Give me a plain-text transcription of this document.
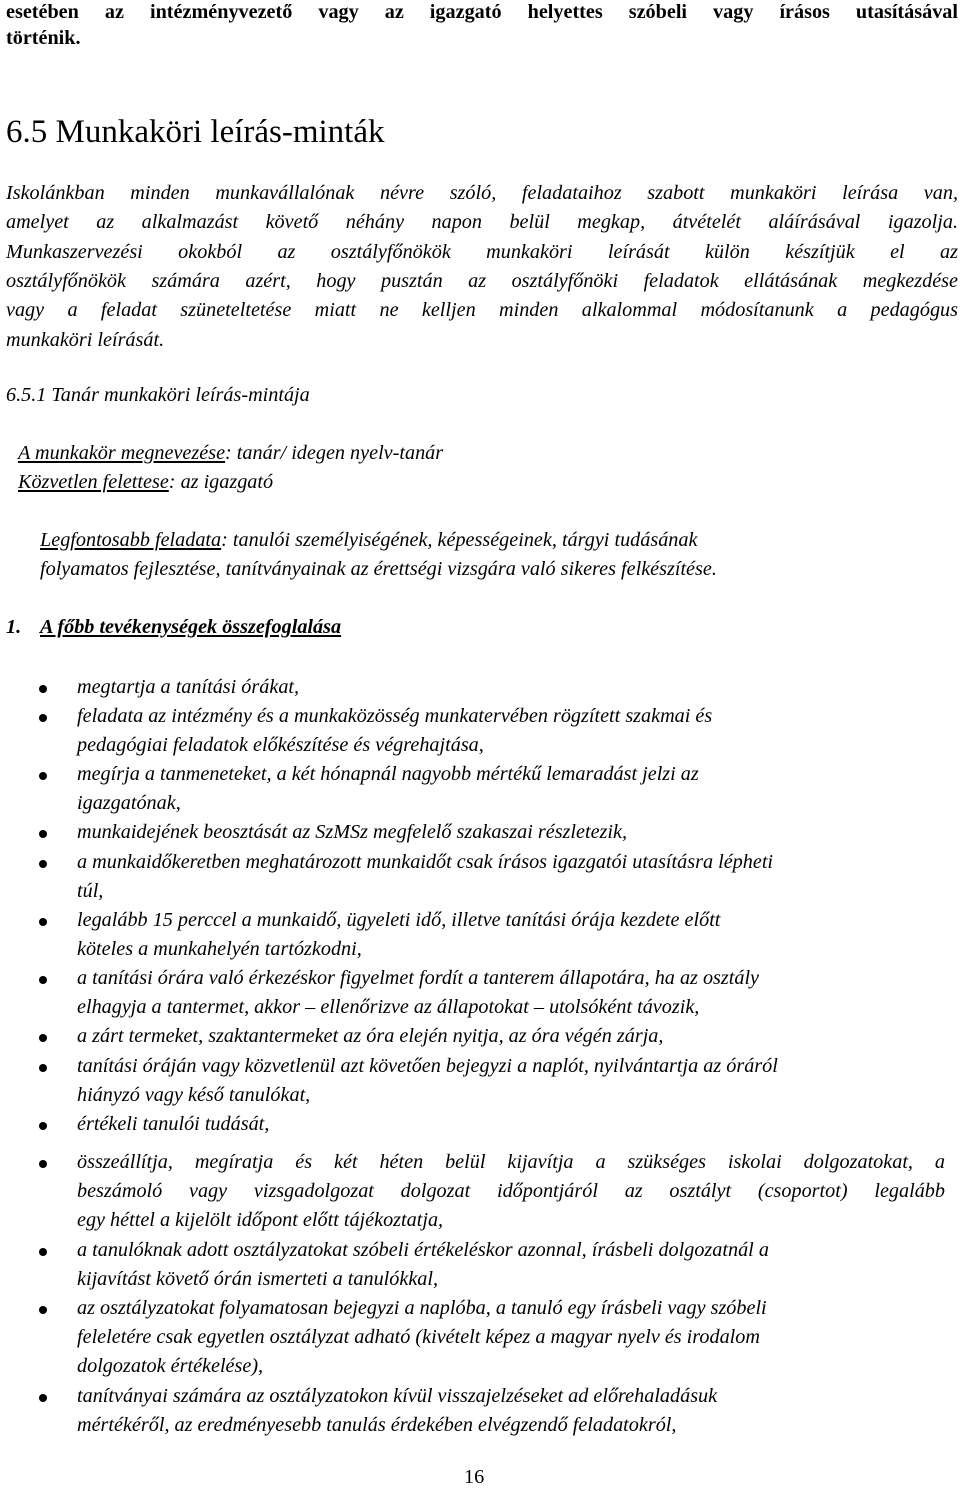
esetében az intézményvezető vagy az igazgató helyettes szóbeli vagy írásos utasításával
történik.
6.5 Munkaköri leírás-minták
Iskolánkban minden munkavállalónak névre szóló, feladataihoz szabott munkaköri leírása van,
amelyet az alkalmazást követő néhány napon belül megkap, átvételét aláírásával igazolja.
Munkaszervezési okokból az osztályfőnökök munkaköri leírását külön készítjük el az
osztályfőnökök számára azért, hogy pusztán az osztályfőnöki feladatok ellátásának megkezdése
vagy a feladat szüneteltetése miatt ne kelljen minden alkalommal módosítanunk a pedagógus
munkaköri leírását.
6.5.1 Tanár munkaköri leírás-mintája
A munkakör megnevezése: tanár/ idegen nyelv-tanár
Közvetlen felettese: az igazgató
Legfontosabb feladata: tanulói személyiségének, képességeinek, tárgyi tudásának
folyamatos fejlesztése, tanítványainak az érettségi vizsgára való sikeres felkészítése.
1. A főbb tevékenységek összefoglalása
megtartja a tanítási órákat,
feladata az intézmény és a munkaközösség munkatervében rögzített szakmai és
pedagógiai feladatok előkészítése és végrehajtása,
megírja a tanmeneteket, a két hónapnál nagyobb mértékű lemaradást jelzi az
igazgatónak,
munkaidejének beosztását az SzMSz megfelelő szakaszai részletezik,
a munkaidőkeretben meghatározott munkaidőt csak írásos igazgatói utasításra lépheti
túl,
legalább 15 perccel a munkaidő, ügyeleti idő, illetve tanítási órája kezdete előtt
köteles a munkahelyén tartózkodni,
a tanítási órára való érkezéskor figyelmet fordít a tanterem állapotára, ha az osztály
elhagyja a tantermet, akkor – ellenőrizve az állapotokat – utolsóként távozik,
a zárt termeket, szaktantermeket az óra elején nyitja, az óra végén zárja,
tanítási óráján vagy közvetlenül azt követően bejegyzi a naplót, nyilvántartja az óráról
hiányzó vagy késő tanulókat,
értékeli tanulói tudását,
összeállítja, megíratja és két héten belül kijavítja a szükséges iskolai dolgozatokat, a
beszámoló vagy vizsgadolgozat dolgozat időpontjáról az osztályt (csoportot) legalább
egy héttel a kijelölt időpont előtt tájékoztatja,
a tanulóknak adott osztályzatokat szóbeli értékeléskor azonnal, írásbeli dolgozatnál a
kijavítást követő órán ismerteti a tanulókkal,
az osztályzatokat folyamatosan bejegyzi a naplóba, a tanuló egy írásbeli vagy szóbeli
feleletére csak egyetlen osztályzat adható (kivételt képez a magyar nyelv és irodalom
dolgozatok értékelése),
tanítványai számára az osztályzatokon kívül visszajelzéseket ad előrehaladásuk
mértékéről, az eredményesebb tanulás érdekében elvégzendő feladatokról,
16
